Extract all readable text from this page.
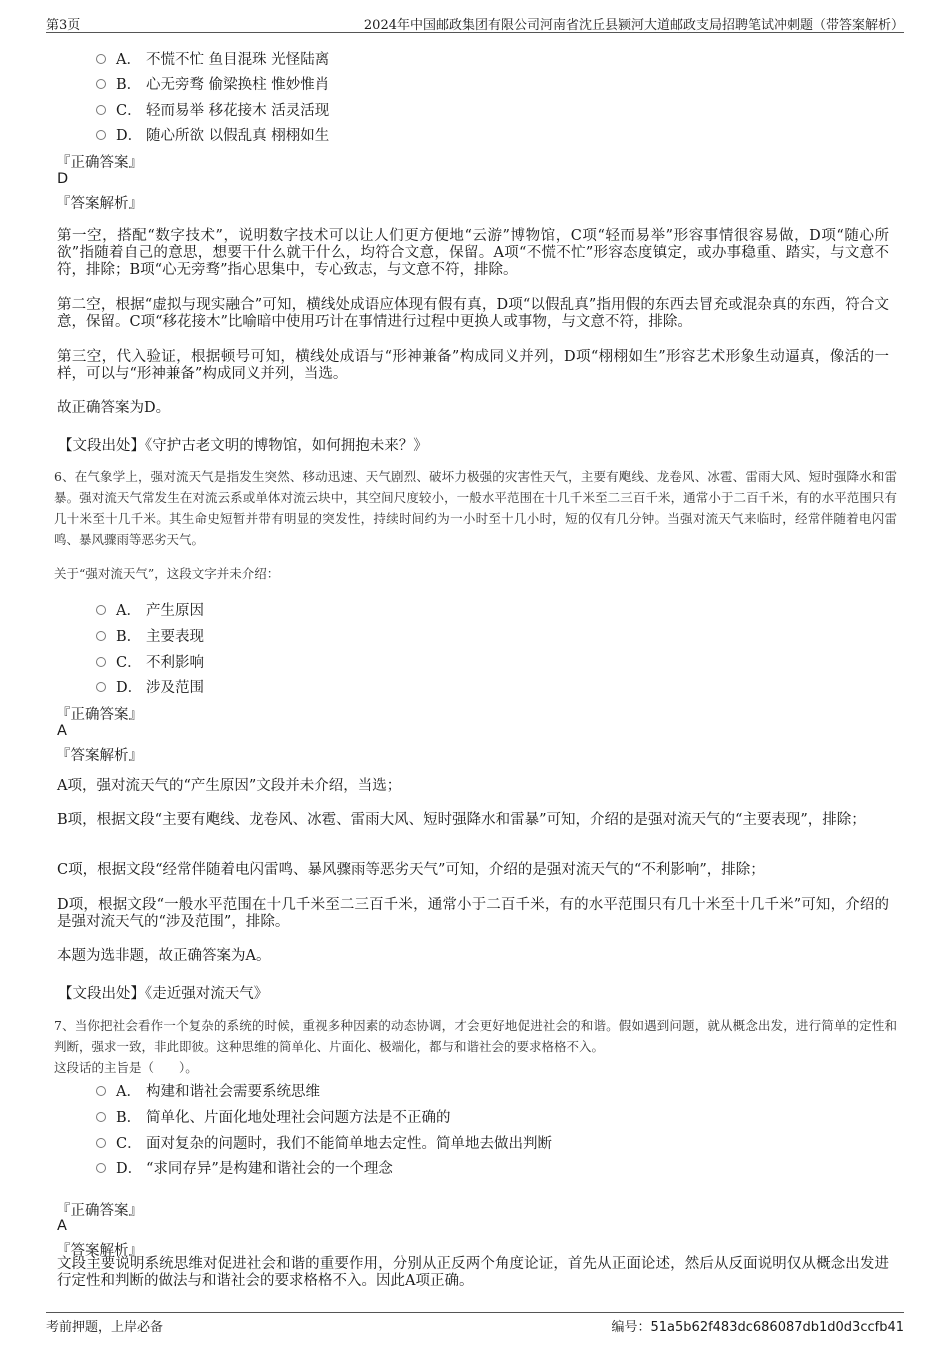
第3页	2024年中国邮政集团有限公司河南省沈丘县颍河大道邮政支局招聘笔试冲刺题（带答案解析）
A． 不慌不忙 鱼目混珠 光怪陆离
B． 心无旁骛 偷梁换柱 惟妙惟肖
C． 轻而易举 移花接木 活灵活现
D． 随心所欲 以假乱真 栩栩如生
『正确答案』
D
『答案解析』
第一空，搭配“数字技术”，说明数字技术可以让人们更方便地“云游”博物馆，C项“轻而易举”形容事情很容易做，D项“随心所欲”指随着自己的意思，想要干什么就干什么，均符合文意，保留。A项“不慌不忙”形容态度镇定，或办事稳重、踏实，与文意不符，排除；B项“心无旁骛”指心思集中，专心致志，与文意不符，排除。
第二空，根据“虚拟与现实融合”可知，横线处成语应体现有假有真，D项“以假乱真”指用假的东西去冒充或混杂真的东西，符合文意，保留。C项“移花接木”比喻暗中使用巧计在事情进行过程中更换人或事物，与文意不符，排除。
第三空，代入验证，根据顿号可知，横线处成语与“形神兼备”构成同义并列，D项“栩栩如生”形容艺术形象生动逼真，像活的一样，可以与“形神兼备”构成同义并列，当选。
故正确答案为D。
【文段出处】《守护古老文明的博物馆，如何拥抱未来？》
6、在气象学上，强对流天气是指发生突然、移动迅速、天气剧烈、破坏力极强的灾害性天气，主要有飑线、龙卷风、冰雹、雷雨大风、短时强降水和雷暴。强对流天气常发生在对流云系或单体对流云块中，其空间尺度较小，一般水平范围在十几千米至二三百千米，通常小于二百千米，有的水平范围只有几十米至十几千米。其生命史短暂并带有明显的突发性，持续时间约为一小时至十几小时，短的仅有几分钟。当强对流天气来临时，经常伴随着电闪雷鸣、暴风骤雨等恶劣天气。
关于“强对流天气”，这段文字并未介绍：
A． 产生原因
B． 主要表现
C． 不利影响
D． 涉及范围
『正确答案』
A
『答案解析』
A项，强对流天气的“产生原因”文段并未介绍，当选；
B项，根据文段“主要有飑线、龙卷风、冰雹、雷雨大风、短时强降水和雷暴”可知，介绍的是强对流天气的“主要表现”，排除；
C项，根据文段“经常伴随着电闪雷鸣、暴风骤雨等恶劣天气”可知，介绍的是强对流天气的“不利影响”，排除；
D项，根据文段“一般水平范围在十几千米至二三百千米，通常小于二百千米，有的水平范围只有几十米至十几千米”可知，介绍的是强对流天气的“涉及范围”，排除。
本题为选非题，故正确答案为A。
【文段出处】《走近强对流天气》
7、当你把社会看作一个复杂的系统的时候，重视多种因素的动态协调，才会更好地促进社会的和谐。假如遇到问题，就从概念出发，进行简单的定性和判断，强求一致，非此即彼。这种思维的简单化、片面化、极端化，都与和谐社会的要求格格不入。
这段话的主旨是（　　）。
A． 构建和谐社会需要系统思维
B． 简单化、片面化地处理社会问题方法是不正确的
C． 面对复杂的问题时，我们不能简单地去定性。简单地去做出判断
D． “求同存异”是构建和谐社会的一个理念
『正确答案』
A
『答案解析』
文段主要说明系统思维对促进社会和谐的重要作用，分别从正反两个角度论证，首先从正面论述，然后从反面说明仅从概念出发进行定性和判断的做法与和谐社会的要求格格不入。因此A项正确。
考前押题，上岸必备	编号：51a5b62f483dc686087db1d0d3ccfb41
